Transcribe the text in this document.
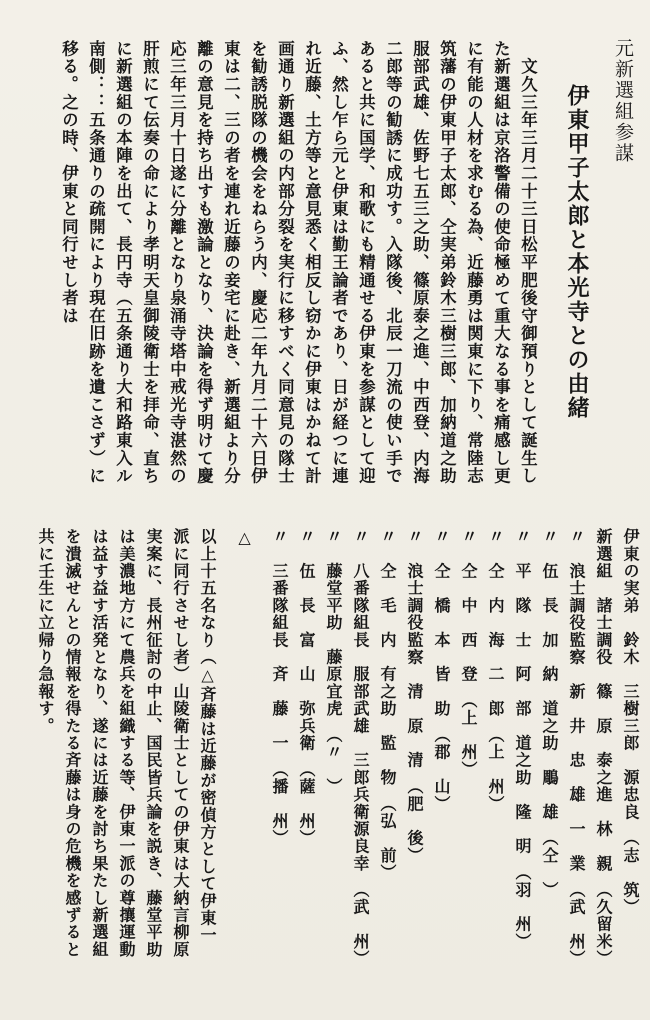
元新選組参謀
伊東甲子太郎と本光寺との由緒
　文久三年三月二十三日松平肥後守御預りとして誕生し
た新選組は京洛警備の使命極めて重大なる事を痛感し更
に有能の人材を求むる為、近藤勇は関東に下り、常陸志
筑藩の伊東甲子太郎、仝実弟鈴木三樹三郎、加納道之助
服部武雄、佐野七五三之助、篠原泰之進、中西登、内海
二郎等の勧誘に成功す。入隊後、北辰一刀流の使い手で
あると共に国学、和歌にも精通せる伊東を参謀として迎
ふ、然し乍ら元と伊東は勤王論者であり、日が経つに連
れ近藤、土方等と意見悉く相反し窃かに伊東はかねて計
画通り新選組の内部分裂を実行に移すべく同意見の隊士
を勧誘脱隊の機会をねらう内、慶応二年九月二十六日伊
東は二、三の者を連れ近藤の妾宅に赴き、新選組より分
離の意見を持ち出すも激論となり、決論を得ず明けて慶
応三年三月十日遂に分離となり泉涌寺塔中戒光寺湛然の
肝煎にて伝奏の命により孝明天皇御陵衛士を拝命、直ち
に新選組の本陣を出て、長円寺（五条通り大和路東入ル
南側：：五条通りの疏開により現在旧跡を遺こさず）に
移る。之の時、伊東と同行せし者は
伊東の実弟　鈴木　三樹三郎　源忠良　（志　筑）
新選組　諸士調役　篠　原　泰之進　林　親　（久留米）
〃　浪士調役監察　新　井　忠　雄　一　業　（武　州）
〃　伍　長　加　納　道之助　鵰　雄　（仝　）
〃　平　隊　士　阿　部　道之助　隆　明　（羽　州）
〃　仝　内　海　二　郎　（上　州）
〃　仝　中　西　登　（上　州）
〃　仝　橋　本　皆　助　（郡　山）
〃　浪士調役監察　清　原　清　（肥　後）
〃　仝　毛　内　有之助　監　物　（弘　前）
〃　八番隊組長　服部武雄　三郎兵衛源良幸　（武　州）
〃　藤堂平助　藤原宜虎　（〃　）
〃　伍　長　富　山　弥兵衛　（薩　州）
〃　三番隊組長　斉　藤　一　（播　州）
以上十五名なり（△斉藤は近藤が密偵方として伊東一
派に同行させし者）山陵衛士としての伊東は大納言柳原
実案に、長州征討の中止、国民皆兵論を説き、藤堂平助
は美濃地方にて農兵を組織する等、伊東一派の尊攘運動
は益す益す活発となり、遂には近藤を討ち果たし新選組
を潰滅せんとの情報を得たる斉藤は身の危機を感ずると
共に壬生に立帰り急報す。	△
